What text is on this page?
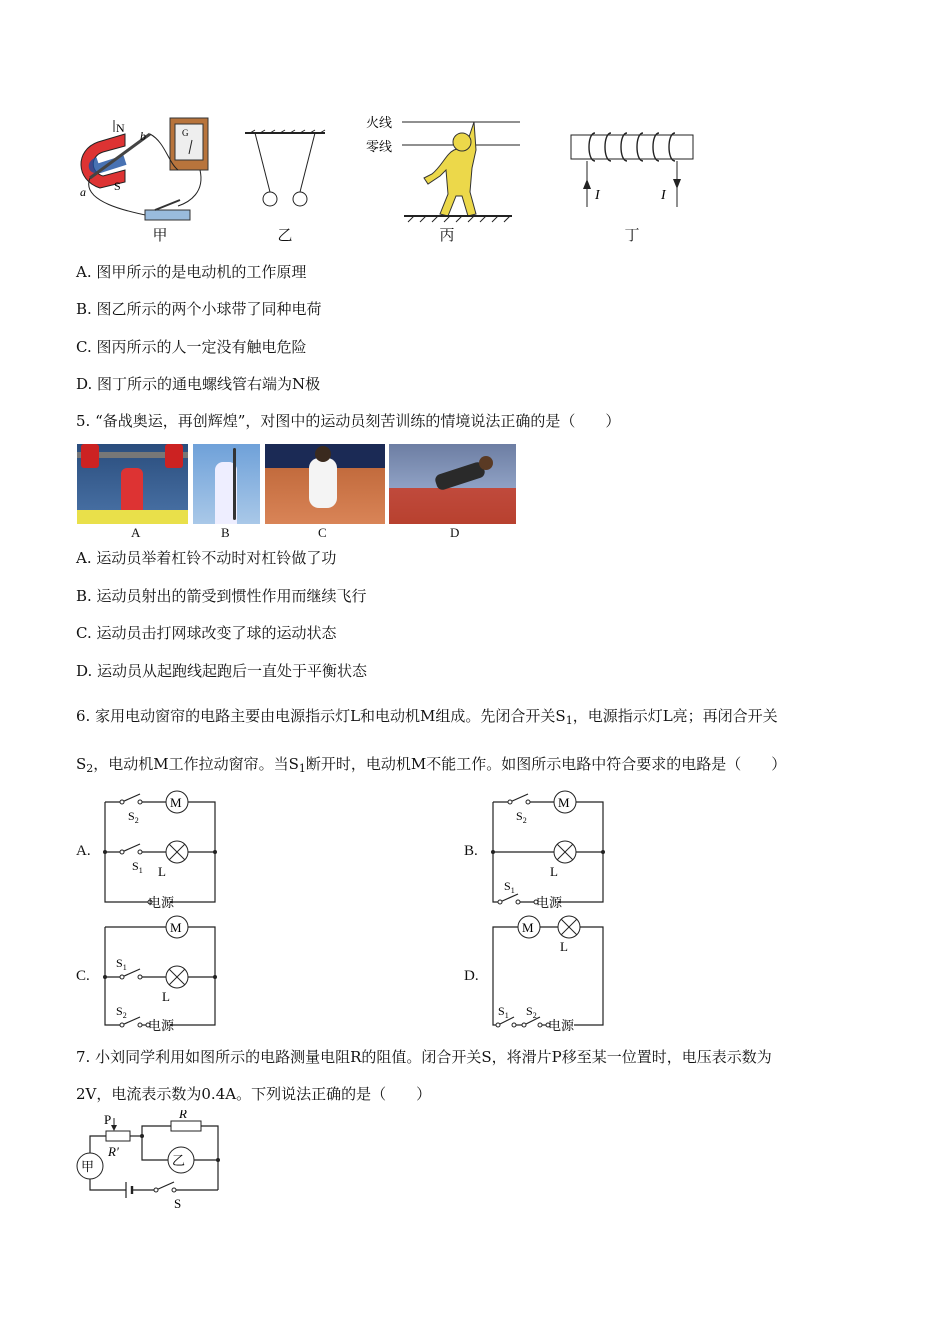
N
S
a
b	G
甲	乙
火线
零线
丙
I	I
丁
A. 图甲所示的是电动机的工作原理
B. 图乙所示的两个小球带了同种电荷
C. 图丙所示的人一定没有触电危险
D. 图丁所示的通电螺线管右端为N极
5. “备战奥运，再创辉煌”，对图中的运动员刻苦训练的情境说法正确的是（　　）
A	B	C	D
A. 运动员举着杠铃不动时对杠铃做了功
B. 运动员射出的箭受到惯性作用而继续飞行
C. 运动员击打网球改变了球的运动状态
D. 运动员从起跑线起跑后一直处于平衡状态
6. 家用电动窗帘的电路主要由电源指示灯L和电动机M组成。先闭合开关$S_1$，电源指示灯L亮；再闭合开关
$S_2$，电动机M工作拉动窗帘。当$S_1$断开时，电动机M不能工作。如图所示电路中符合要求的电路是（　　）
A.
M
$S_2$
$S_1$ L
电源
B.
M
$S_2$
$S_1$
L
电源
C.
M
$S_1$
$S_2$
L
电源
D.
M
L
$S_1$ $S_2$
电源
7. 小刘同学利用如图所示的电路测量电阻R的阻值。闭合开关S，将滑片P移至某一位置时，电压表示数为
2V，电流表示数为0.4A。下列说法正确的是（　　）
P
R′
R
乙
甲
S
